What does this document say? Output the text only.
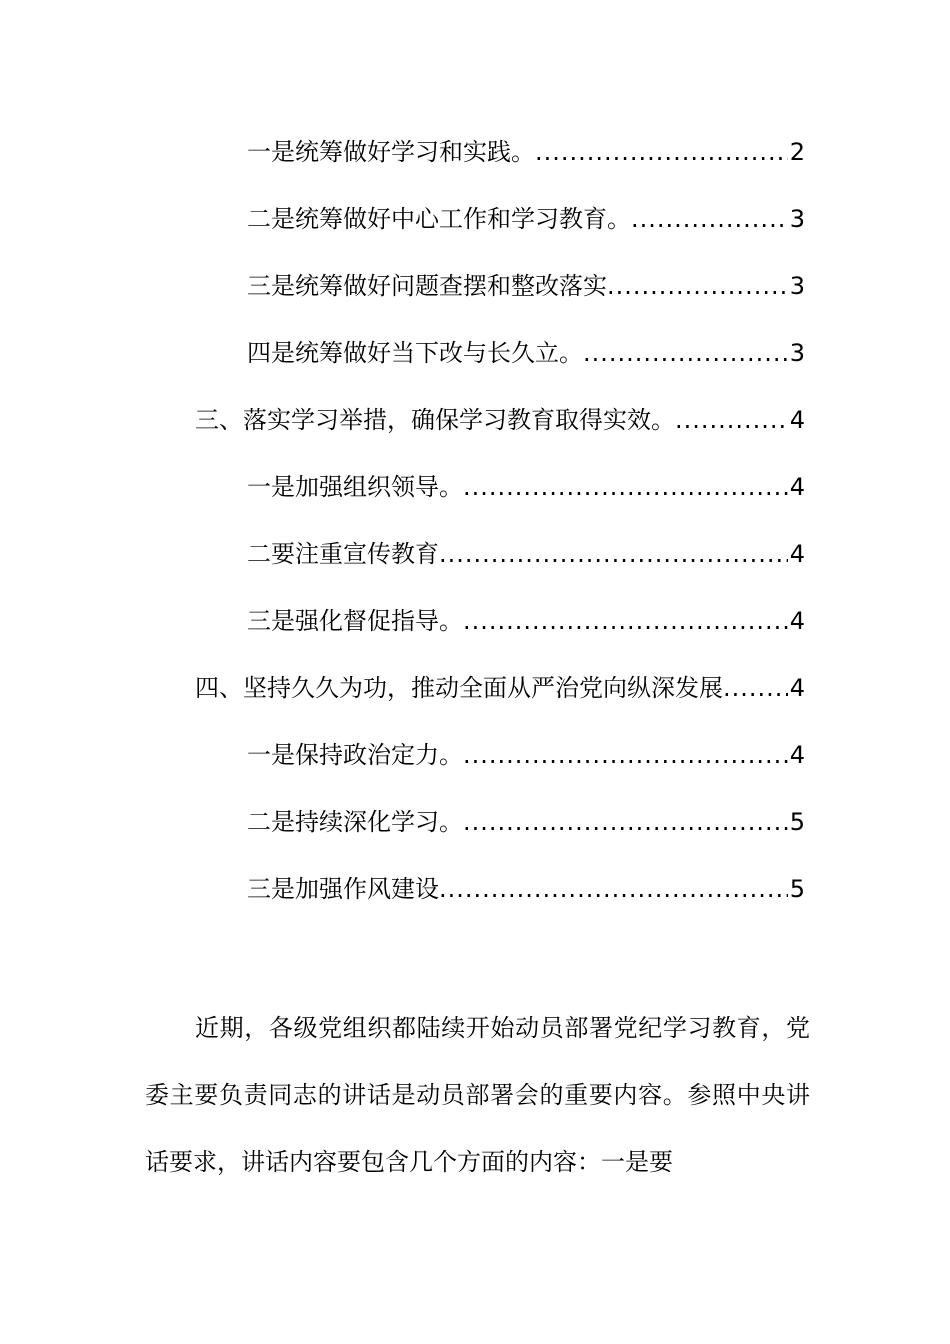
一是统筹做好学习和实践。 .....	2
二是统筹做好中心工作和学习教育。 .....	3
三是统筹做好问题查摆和整改落实 .....	3
四是统筹做好当下改与长久立。 .....	3
三、落实学习举措，确保学习教育取得实效。 .....	4
一是加强组织领导。 .....	4
二要注重宣传教育 .....	4
三是强化督促指导。 .....	4
四、坚持久久为功，推动全面从严治党向纵深发展 .....	4
一是保持政治定力。 .....	4
二是持续深化学习。 .....	5
三是加强作风建设 .....	5

近期，各级党组织都陆续开始动员部署党纪学习教育，党委主要负责同志的讲话是动员部署会的重要内容。参照中央讲话要求，讲话内容要包含几个方面的内容：一是要
